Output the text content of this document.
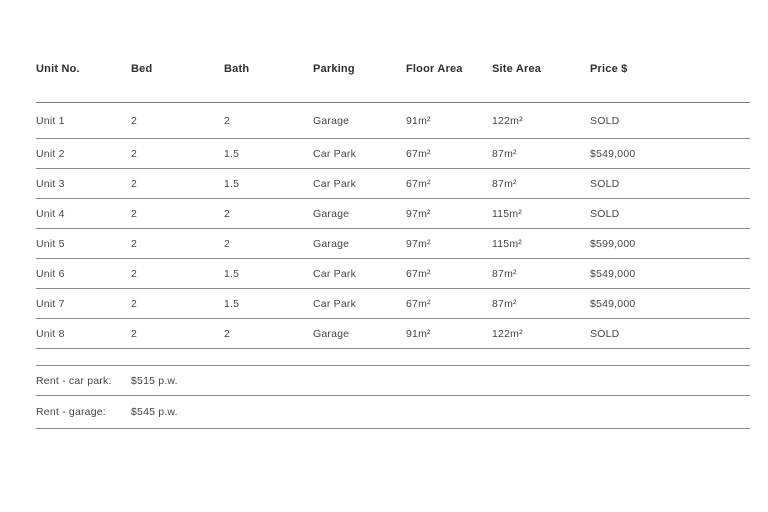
Unit No.	Bed	Bath	Parking	Floor Area	Site Area	Price $
Unit 1	2	2	Garage	91m²	122m²	SOLD
Unit 2	2	1.5	Car Park	67m²	87m²	$549,000
Unit 3	2	1.5	Car Park	67m²	87m²	SOLD
Unit 4	2	2	Garage	97m²	115m²	SOLD
Unit 5	2	2	Garage	97m²	115m²	$599,000
Unit 6	2	1.5	Car Park	67m²	87m²	$549,000
Unit 7	2	1.5	Car Park	67m²	87m²	$549,000
Unit 8	2	2	Garage	91m²	122m²	SOLD
Rent - car park:	$515 p.w.
Rent - garage:	$545 p.w.
